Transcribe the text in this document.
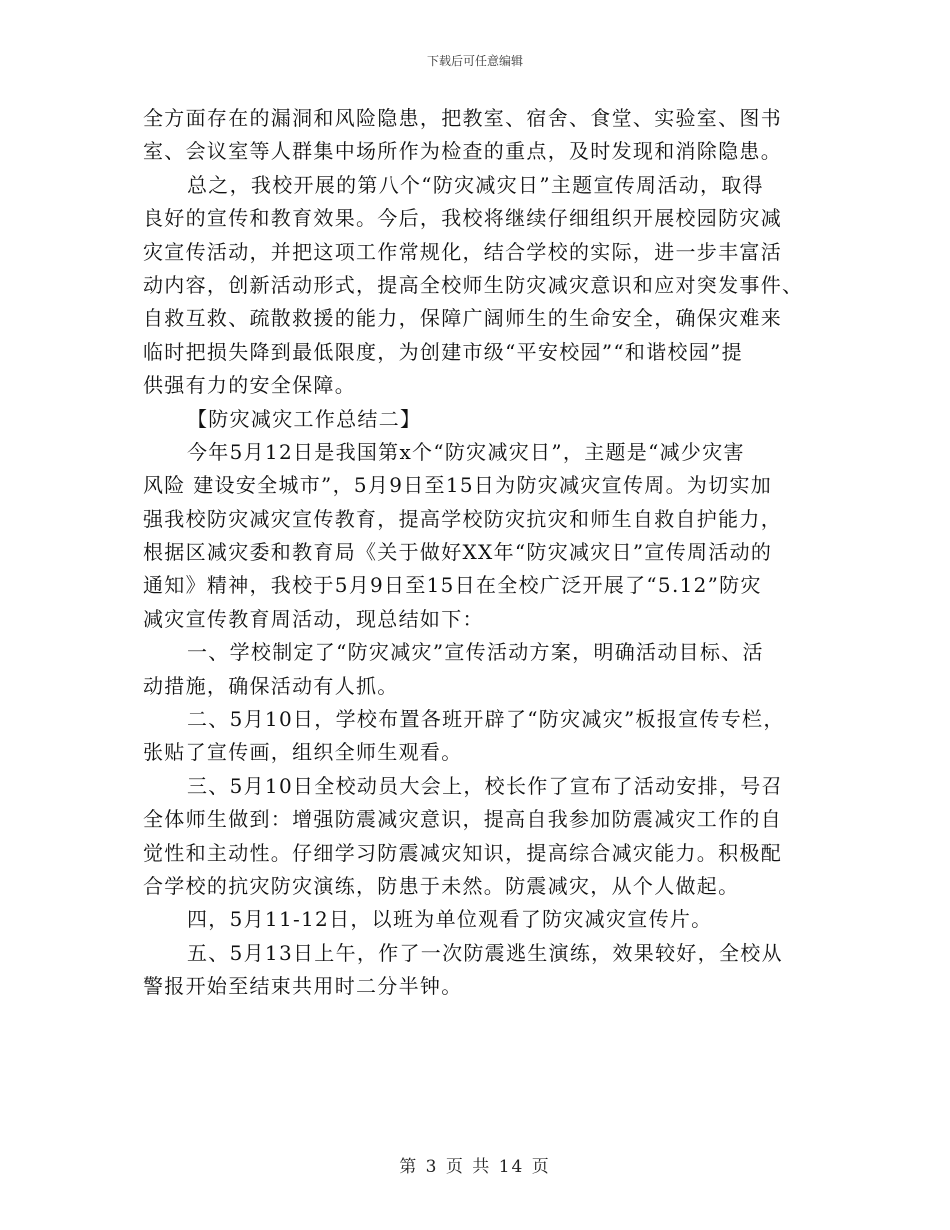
下载后可任意编辑
全方面存在的漏洞和风险隐患，把教室、宿舍、食堂、实验室、图书
室、会议室等人群集中场所作为检查的重点，及时发现和消除隐患。
总之，我校开展的第八个“防灾减灾日”主题宣传周活动，取得
良好的宣传和教育效果。今后，我校将继续仔细组织开展校园防灾减
灾宣传活动，并把这项工作常规化，结合学校的实际，进一步丰富活
动内容，创新活动形式，提高全校师生防灾减灾意识和应对突发事件、
自救互救、疏散救援的能力，保障广阔师生的生命安全，确保灾难来
临时把损失降到最低限度，为创建市级“平安校园”“和谐校园”提
供强有力的安全保障。
【防灾减灾工作总结二】
今年5月12日是我国第x个“防灾减灾日”，主题是“减少灾害
风险 建设安全城市”，5月9日至15日为防灾减灾宣传周。为切实加
强我校防灾减灾宣传教育，提高学校防灾抗灾和师生自救自护能力，
根据区减灾委和教育局《关于做好XX年“防灾减灾日”宣传周活动的
通知》精神，我校于5月9日至15日在全校广泛开展了“5.12”防灾
减灾宣传教育周活动，现总结如下：
一、学校制定了“防灾减灾”宣传活动方案，明确活动目标、活
动措施，确保活动有人抓。
二、5月10日，学校布置各班开辟了“防灾减灾”板报宣传专栏，
张贴了宣传画，组织全师生观看。
三、5月10日全校动员大会上，校长作了宣布了活动安排，号召
全体师生做到：增强防震减灾意识，提高自我参加防震减灾工作的自
觉性和主动性。仔细学习防震减灾知识，提高综合减灾能力。积极配
合学校的抗灾防灾演练，防患于未然。防震减灾，从个人做起。
四，5月11-12日，以班为单位观看了防灾减灾宣传片。
五、5月13日上午，作了一次防震逃生演练，效果较好，全校从
警报开始至结束共用时二分半钟。
第 3 页 共 14 页
